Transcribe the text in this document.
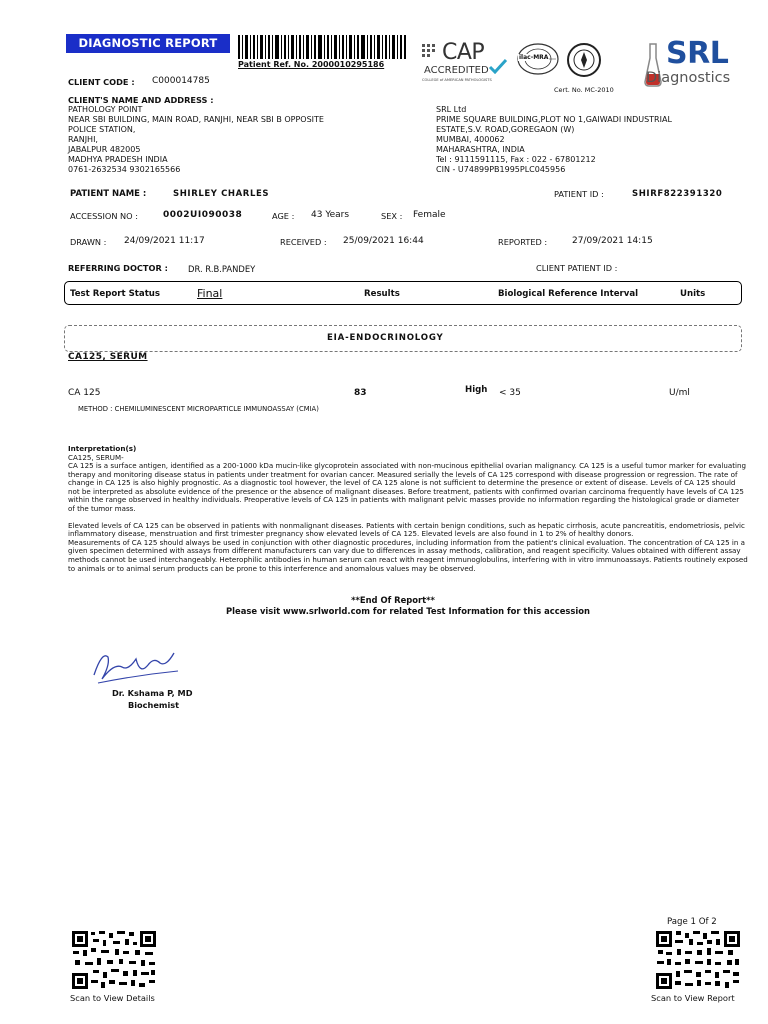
DIAGNOSTIC REPORT
Patient Ref. No. 2000010295186	CAP
ACCREDITED
COLLEGE of AMERICAN PATHOLOGISTS
ilac-MRA
Cert. No. MC-2010
SRL
Diagnostics
CLIENT CODE : C000014785
CLIENT'S NAME AND ADDRESS :
PATHOLOGY POINT
NEAR SBI BUILDING, MAIN ROAD, RANJHI, NEAR SBI B OPPOSITE
POLICE STATION,
RANJHI,
JABALPUR 482005
MADHYA PRADESH INDIA
0761-2632534 9302165566
SRL Ltd
PRIME SQUARE BUILDING,PLOT NO 1,GAIWADI INDUSTRIAL
ESTATE,S.V. ROAD,GOREGAON (W)
MUMBAI, 400062
MAHARASHTRA, INDIA
Tel : 9111591115, Fax : 022 - 67801212
CIN - U74899PB1995PLC045956
PATIENT NAME :	SHIRLEY CHARLES	PATIENT ID :	SHIRF822391320
ACCESSION NO :	0002UI090038	AGE : 43 Years	SEX : Female
DRAWN : 24/09/2021 11:17	RECEIVED : 25/09/2021 16:44	REPORTED :	27/09/2021 14:15
REFERRING DOCTOR : DR. R.B.PANDEY	CLIENT PATIENT ID :
Test Report Status	Final	Results	Biological Reference Interval	Units
EIA-ENDOCRINOLOGY
CA125, SERUM
CA 125	83	High < 35	U/ml
METHOD : CHEMILUMINESCENT MICROPARTICLE IMMUNOASSAY (CMIA)
Interpretation(s)
CA125, SERUM-

CA 125 is a surface antigen, identified as a 200-1000 kDa mucin-like glycoprotein associated with non-mucinous epithelial ovarian malignancy. CA 125 is a useful tumor marker for evaluating therapy and monitoring disease status in patients under treatment for ovarian cancer. Measured serially the levels of CA 125 correspond with disease progression or regression. The rate of change in CA 125 is also highly prognostic. As a diagnostic tool however, the level of CA 125 alone is not sufficient to determine the presence or extent of disease. Levels of CA 125 should not be interpreted as absolute evidence of the presence or the absence of malignant diseases. Before treatment, patients with confirmed ovarian carcinoma frequently have levels of CA 125 within the range observed in healthy individuals. Preoperative levels of CA 125 in patients with malignant pelvic masses provide no information regarding the histological grade or diameter of the tumor mass.

Elevated levels of CA 125 can be observed in patients with nonmalignant diseases. Patients with certain benign conditions, such as hepatic cirrhosis, acute pancreatitis, endometriosis, pelvic inflammatory disease, menstruation and first trimester pregnancy show elevated levels of CA 125. Elevated levels are also found in 1 to 2% of healthy donors.

Measurements of CA 125 should always be used in conjunction with other diagnostic procedures, including information from the patient's clinical evaluation. The concentration of CA 125 in a given specimen determined with assays from different manufacturers can vary due to differences in assay methods, calibration, and reagent specificity. Values obtained with different assay methods cannot be used interchangeably. Heterophilic antibodies in human serum can react with reagent immunoglobulins, interfering with in vitro immunoassays. Patients routinely exposed to animals or to animal serum products can be prone to this interference and anomalous values may be observed.

**End Of Report**
Please visit www.srlworld.com for related Test Information for this accession
Dr. Kshama P, MD
Biochemist
Page 1 Of 2
Scan to View Details	Scan to View Report
